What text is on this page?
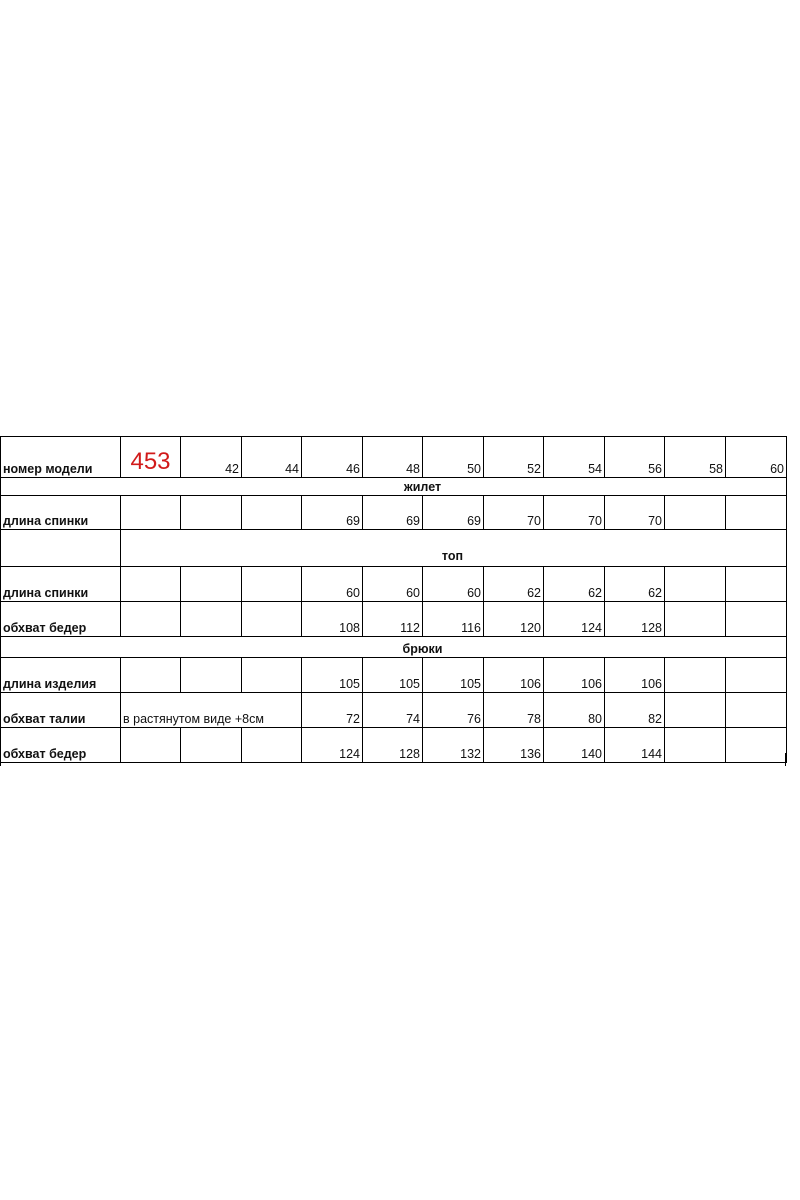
номер модели	453	42	44	46	48	50	52	54	56	58	60
жилет											
длина спинки				69	69	69	70	70	70		
	топ										
длина спинки				60	60	60	62	62	62		
обхват бедер				108	112	116	120	124	128		
брюки											
длина изделия				105	105	105	106	106	106		
обхват талии	в растянутом виде +8см			72	74	76	78	80	82		
обхват бедер				124	128	132	136	140	144		
